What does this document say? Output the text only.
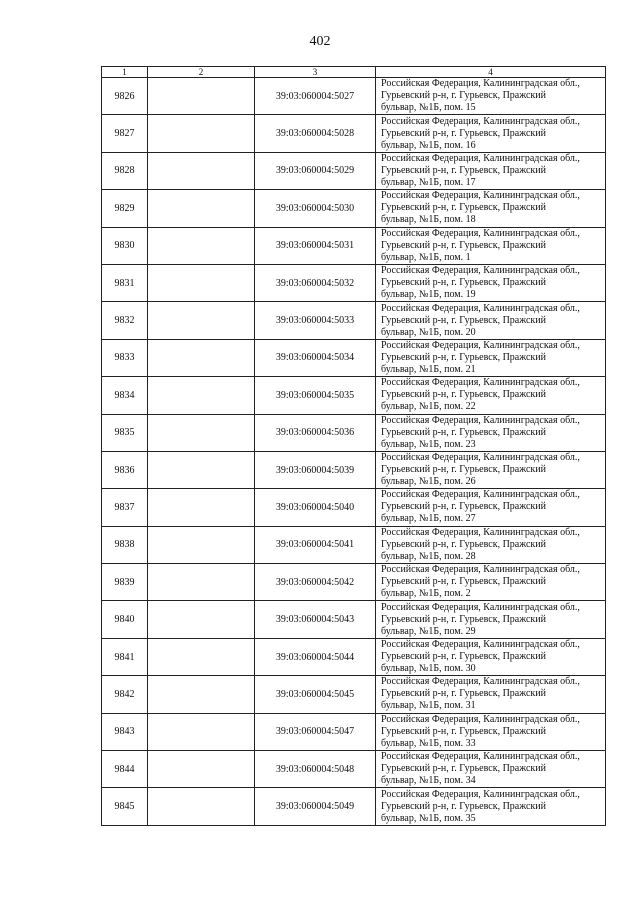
402
1	2	3	4
9826		39:03:060004:5027	Российская Федерация, Калининградская обл.,
Гурьевский р-н, г. Гурьевск, Пражский
бульвар, №1Б, пом. 15

9827		39:03:060004:5028	Российская Федерация, Калининградская обл.,
Гурьевский р-н, г. Гурьевск, Пражский
бульвар, №1Б, пом. 16

9828		39:03:060004:5029	Российская Федерация, Калининградская обл.,
Гурьевский р-н, г. Гурьевск, Пражский
бульвар, №1Б, пом. 17

9829		39:03:060004:5030	Российская Федерация, Калининградская обл.,
Гурьевский р-н, г. Гурьевск, Пражский
бульвар, №1Б, пом. 18

9830		39:03:060004:5031	Российская Федерация, Калининградская обл.,
Гурьевский р-н, г. Гурьевск, Пражский
бульвар, №1Б, пом. 1

9831		39:03:060004:5032	Российская Федерация, Калининградская обл.,
Гурьевский р-н, г. Гурьевск, Пражский
бульвар, №1Б, пом. 19

9832		39:03:060004:5033	Российская Федерация, Калининградская обл.,
Гурьевский р-н, г. Гурьевск, Пражский
бульвар, №1Б, пом. 20

9833		39:03:060004:5034	Российская Федерация, Калининградская обл.,
Гурьевский р-н, г. Гурьевск, Пражский
бульвар, №1Б, пом. 21

9834		39:03:060004:5035	Российская Федерация, Калининградская обл.,
Гурьевский р-н, г. Гурьевск, Пражский
бульвар, №1Б, пом. 22

9835		39:03:060004:5036	Российская Федерация, Калининградская обл.,
Гурьевский р-н, г. Гурьевск, Пражский
бульвар, №1Б, пом. 23

9836		39:03:060004:5039	Российская Федерация, Калининградская обл.,
Гурьевский р-н, г. Гурьевск, Пражский
бульвар, №1Б, пом. 26

9837		39:03:060004:5040	Российская Федерация, Калининградская обл.,
Гурьевский р-н, г. Гурьевск, Пражский
бульвар, №1Б, пом. 27

9838		39:03:060004:5041	Российская Федерация, Калининградская обл.,
Гурьевский р-н, г. Гурьевск, Пражский
бульвар, №1Б, пом. 28

9839		39:03:060004:5042	Российская Федерация, Калининградская обл.,
Гурьевский р-н, г. Гурьевск, Пражский
бульвар, №1Б, пом. 2

9840		39:03:060004:5043	Российская Федерация, Калининградская обл.,
Гурьевский р-н, г. Гурьевск, Пражский
бульвар, №1Б, пом. 29

9841		39:03:060004:5044	Российская Федерация, Калининградская обл.,
Гурьевский р-н, г. Гурьевск, Пражский
бульвар, №1Б, пом. 30

9842		39:03:060004:5045	Российская Федерация, Калининградская обл.,
Гурьевский р-н, г. Гурьевск, Пражский
бульвар, №1Б, пом. 31

9843		39:03:060004:5047	Российская Федерация, Калининградская обл.,
Гурьевский р-н, г. Гурьевск, Пражский
бульвар, №1Б, пом. 33

9844		39:03:060004:5048	Российская Федерация, Калининградская обл.,
Гурьевский р-н, г. Гурьевск, Пражский
бульвар, №1Б, пом. 34

9845		39:03:060004:5049	Российская Федерация, Калининградская обл.,
Гурьевский р-н, г. Гурьевск, Пражский
бульвар, №1Б, пом. 35
